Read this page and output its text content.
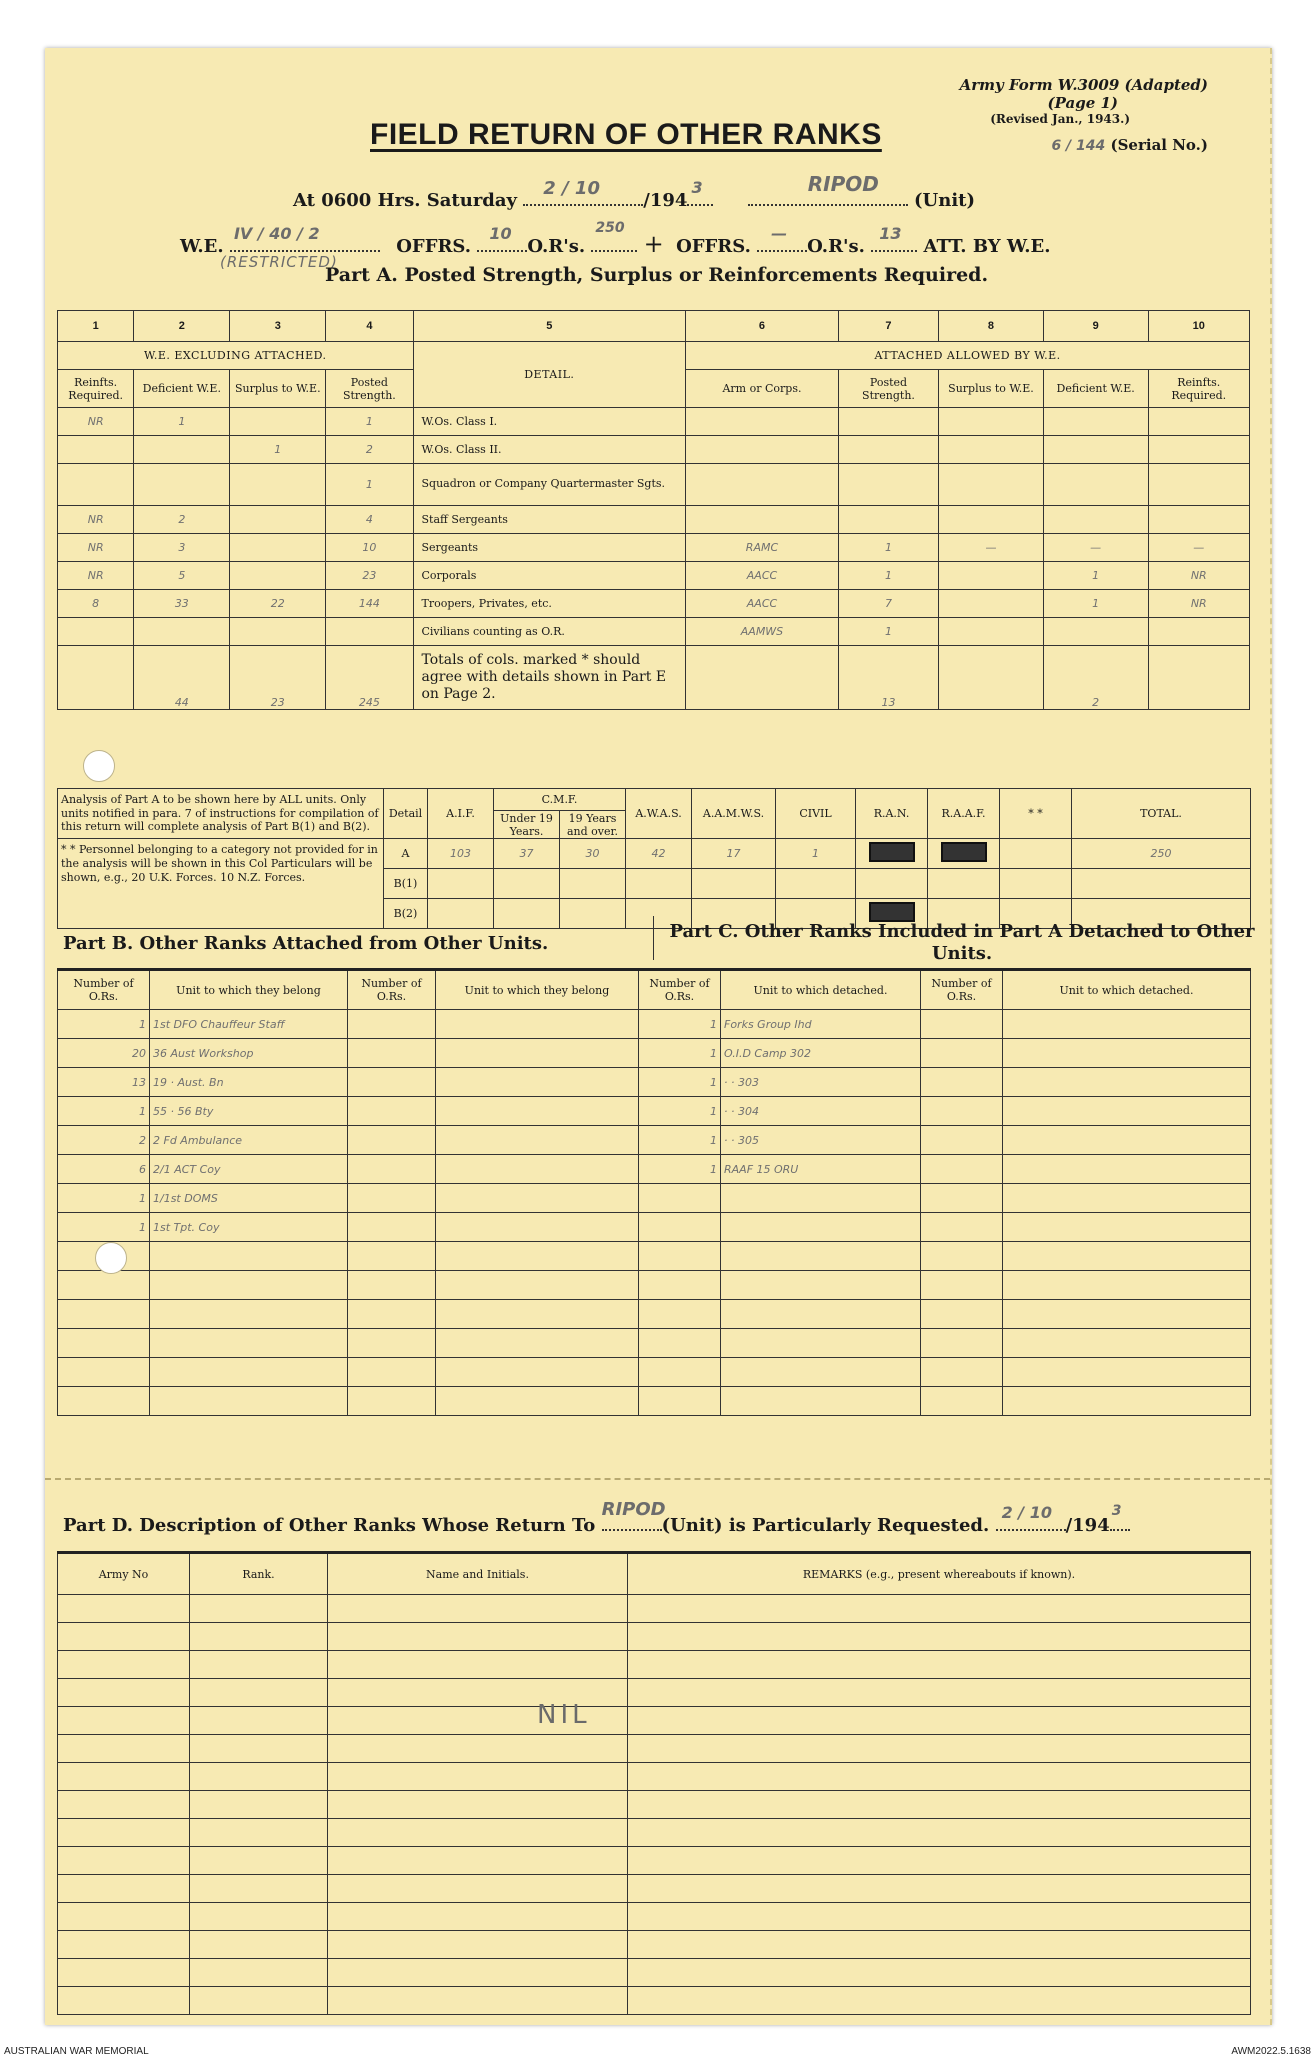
Army Form W.3009 (Adapted)
(Page 1)
(Revised Jan., 1943.)
6 / 144 (Serial No.)
FIELD RETURN OF OTHER RANKS
At 0600 Hrs. Saturday
2 / 10
/194
3
	RIPOD
(Unit)
W.E.
IV / 40 / 2
OFFRS.
10
O.R's.
250
+ OFFRS.
—
O.R's.
13
ATT. BY W.E.
(RESTRICTED)
Part A. Posted Strength, Surplus or Reinforcements Required.
1	2	3	4	5	6	7	8	9	10
W.E. EXCLUDING ATTACHED.				DETAIL.	ATTACHED ALLOWED BY W.E.				
Reinfts. Required.	Deficient W.E.	Surplus to W.E.	Posted Strength.		Arm or Corps.	Posted Strength.	Surplus to W.E.	Deficient W.E.	Reinfts. Required.
NR	1		1	W.Os. Class I.					
		1	2	W.Os. Class II.					
			1	Squadron or Company Quartermaster Sgts.					
NR	2		4	Staff Sergeants					
NR	3		10	Sergeants	RAMC	1	—	—	—
NR	5		23	Corporals	AACC	1		1	NR
8	33	22	144	Troopers, Privates, etc.	AACC	7		1	NR
				Civilians counting as O.R.	AAMWS	1			
	44	23	245	Totals of cols. marked * should agree with details shown in Part E on Page 2.		13		2	
Analysis of Part A to be shown here by ALL units. Only units notified in para. 7 of instructions for compilation of this return will complete analysis of Part B(1) and B(2).	Detail	A.I.F.	C.M.F.		A.W.A.S.	A.A.M.W.S.	CIVIL	R.A.N.	R.A.A.F.	* *	TOTAL.	
			Under 19 Years.	19 Years and over.								
* * Personnel belonging to a category not provided for in the analysis will be shown in this Col Particulars will be shown, e.g., 20 U.K. Forces. 10 N.Z. Forces.	A	103	37	30	42	17	1				250	
	B(1)											
	B(2)											
Part B. Other Ranks Attached from Other Units.
Part C. Other Ranks Included in Part A Detached to Other Units.
Number of O.Rs.	Unit to which they belong	Number of O.Rs.	Unit to which they belong	Number of O.Rs.	Unit to which detached.	Number of O.Rs.	Unit to which detached.
1	1st DFO Chauffeur Staff			1	Forks Group Ihd		
20	36 Aust Workshop			1	O.I.D Camp 302		
13	19 · Aust. Bn			1	· · 303		
1	55 · 56 Bty			1	· · 304		
2	2 Fd Ambulance			1	· · 305		
6	2/1 ACT Coy			1	RAAF 15 ORU		
1	1/1st DOMS						
1	1st Tpt. Coy						

Part D. Description of Other Ranks Whose Return To
RIPOD
(Unit) is Particularly Requested.
2 / 10
/194
3
Army No	Rank.	Name and Initials.	REMARKS (e.g., present whereabouts if known).

NIL
AUSTRALIAN WAR MEMORIAL	AWM2022.5.1638
